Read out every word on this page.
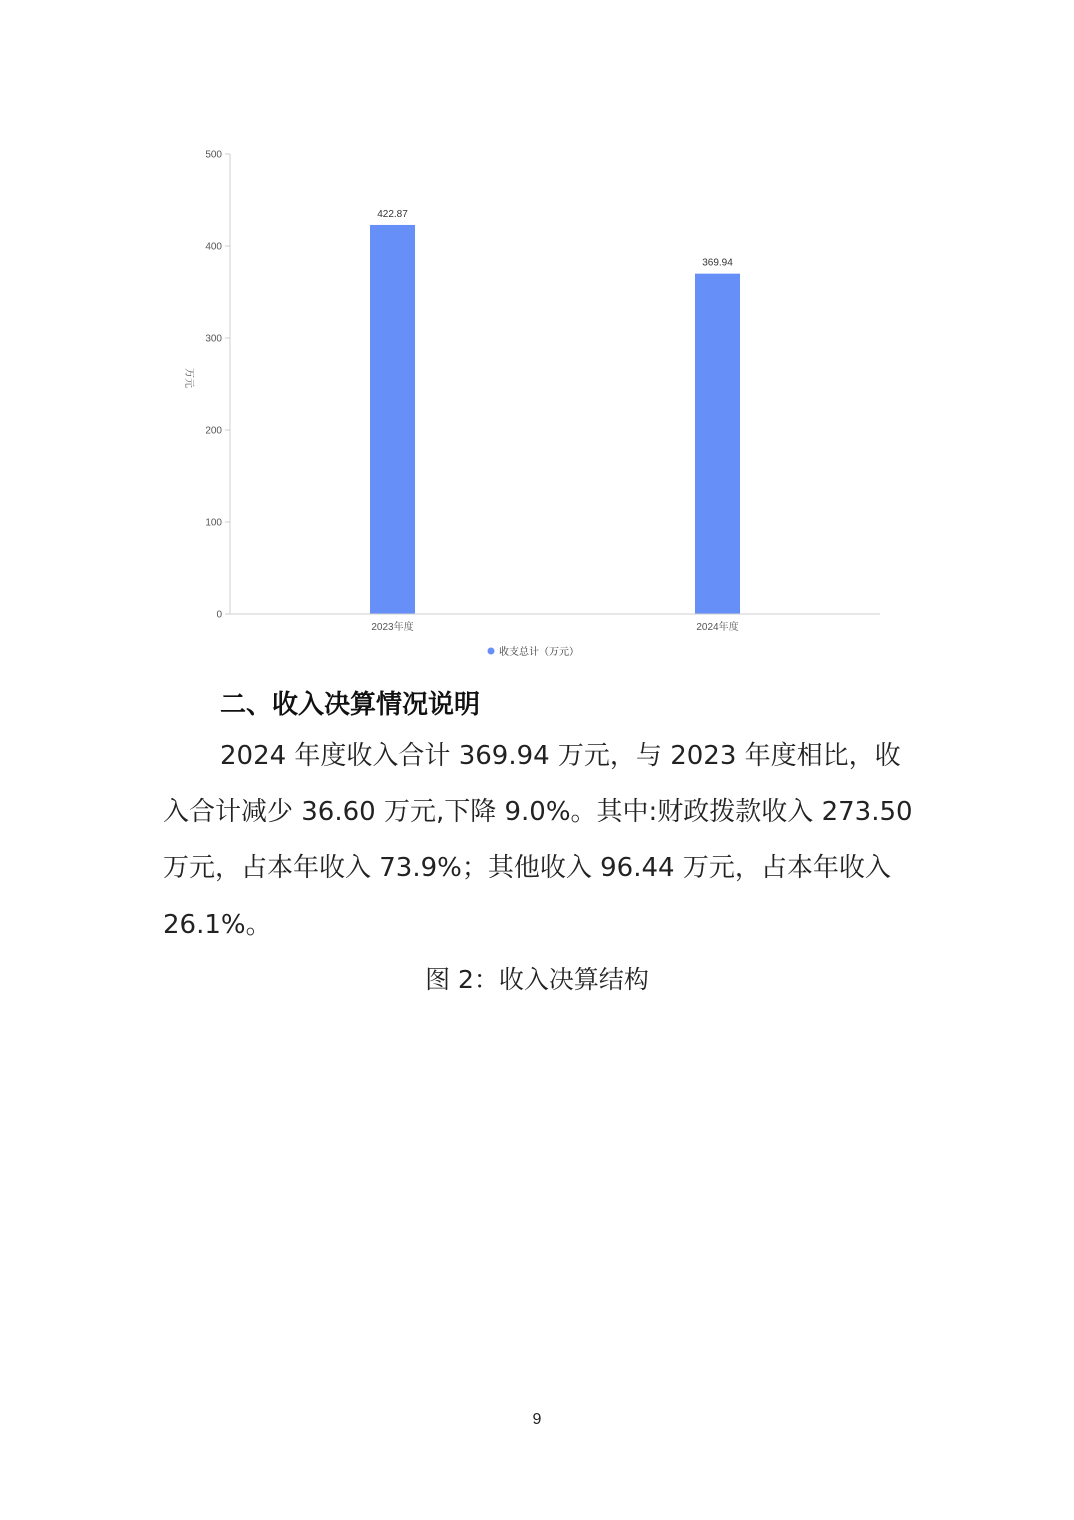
0
100
200
300
400
500
422.87
369.94
2023年度	2024年度
万元
收支总计（万元）
二、收入决算情况说明
2024 年度收入合计 369.94 万元，与 2023 年度相比，收
入合计减少 36.60 万元,下降 9.0%。其中:财政拨款收入 273.50
万元，占本年收入 73.9%；其他收入 96.44 万元，占本年收入
26.1%。
图 2：收入决算结构
9
